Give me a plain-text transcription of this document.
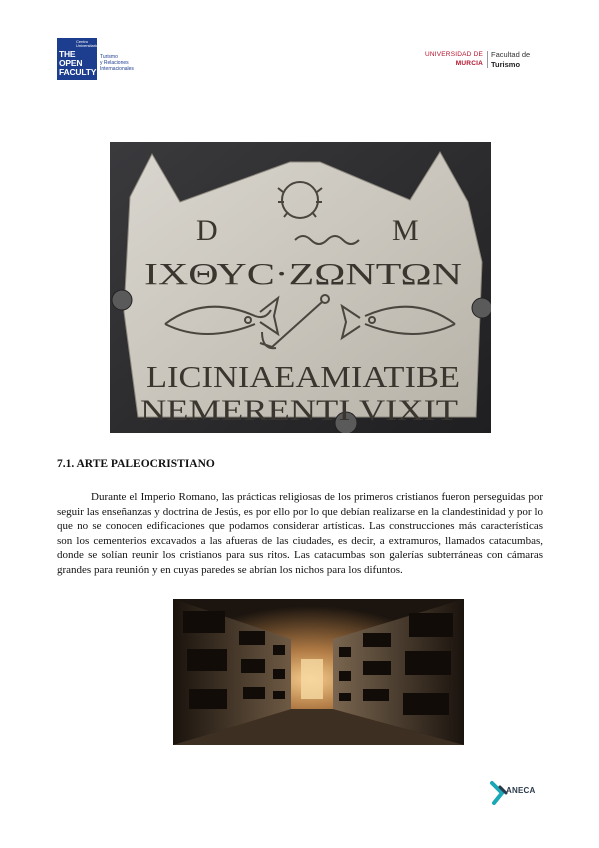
Centro Universitario
THE
OPEN
FACULTY
Turismo
y Relaciones
Internacionales
UNIVERSIDAD DE
MURCIA
Facultad de
Turismo
D	M
ΙΧΘΥϹ·ΖΩΝΤΩΝ
LICINIAEAMIATIBE
NEMERENTI VIXIT
7.1. ARTE PALEOCRISTIANO

Durante el Imperio Romano, las prácticas religiosas de los primeros cristianos fueron perseguidas por seguir las enseñanzas y doctrina de Jesús, es por ello por lo que debían realizarse en la clandestinidad y por lo que no se conocen edificaciones que podamos considerar artísticas. Las construcciones más características son los cementerios excavados a las afueras de las ciudades, es decir, a extramuros, llamados catacumbas, donde se solían reunir los cristianos para sus ritos. Las catacumbas son galerías subterráneas con cámaras grandes para reunión y en cuyas paredes se abrían los nichos para los difuntos.

ANECA
